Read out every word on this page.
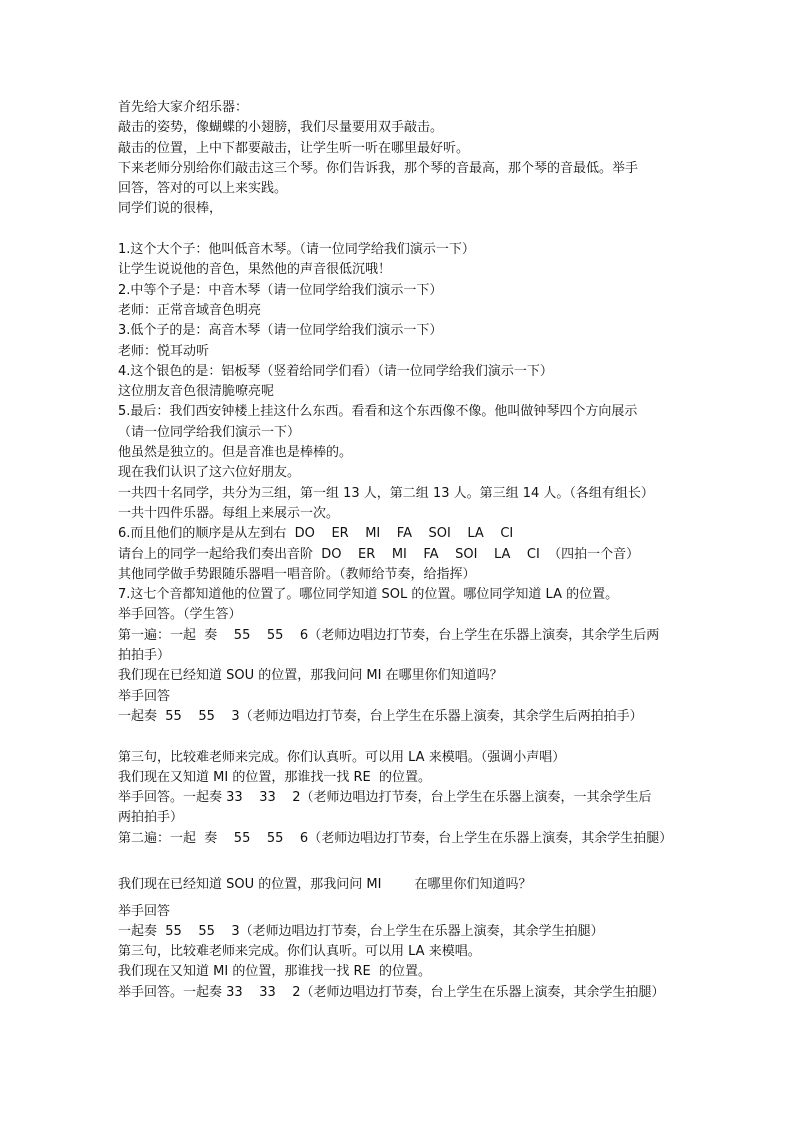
首先给大家介绍乐器：

敲击的姿势，像蝴蝶的小翅膀，我们尽量要用双手敲击。

敲击的位置，上中下都要敲击，让学生听一听在哪里最好听。

下来老师分别给你们敲击这三个琴。你们告诉我，那个琴的音最高，那个琴的音最低。举手

回答，答对的可以上来实践。

同学们说的很棒，

1.这个大个子：他叫低音木琴。（请一位同学给我们演示一下）

让学生说说他的音色，果然他的声音很低沉哦！

2.中等个子是：中音木琴（请一位同学给我们演示一下）

老师：正常音域音色明亮

3.低个子的是：高音木琴（请一位同学给我们演示一下）

老师：悦耳动听

4.这个银色的是：铝板琴（竖着给同学们看）（请一位同学给我们演示一下）

这位朋友音色很清脆嘹亮呢

5.最后：我们西安钟楼上挂这什么东西。看看和这个东西像不像。他叫做钟琴四个方向展示

（请一位同学给我们演示一下）

他虽然是独立的。但是音准也是棒棒的。

现在我们认识了这六位好朋友。

一共四十名同学，共分为三组，第一组 13 人，第二组 13 人。第三组 14 人。（各组有组长）

一共十四件乐器。每组上来展示一次。

6.而且他们的顺序是从左到右  DO    ER    MI    FA    SOI    LA    CI

请台上的同学一起给我们奏出音阶  DO    ER    MI    FA    SOI    LA    CI  （四拍一个音）

其他同学做手势跟随乐器唱一唱音阶。（教师给节奏，给指挥）

7.这七个音都知道他的位置了。哪位同学知道 SOL 的位置。哪位同学知道 LA 的位置。

举手回答。（学生答）

第一遍：一起  奏    55    55    6（老师边唱边打节奏，台上学生在乐器上演奏，其余学生后两

拍拍手）

我们现在已经知道 SOU 的位置，那我问问 MI 在哪里你们知道吗？

举手回答

一起奏  55    55    3（老师边唱边打节奏，台上学生在乐器上演奏，其余学生后两拍拍手）

第三句，比较难老师来完成。你们认真听。可以用 LA 来模唱。（强调小声唱）

我们现在又知道 MI 的位置，那谁找一找 RE  的位置。

举手回答。一起奏 33    33    2（老师边唱边打节奏，台上学生在乐器上演奏，一其余学生后

两拍拍手）

第二遍：一起  奏    55    55    6（老师边唱边打节奏，台上学生在乐器上演奏，其余学生拍腿）

我们现在已经知道 SOU 的位置，那我问问 MI        在哪里你们知道吗？

举手回答

一起奏  55    55    3（老师边唱边打节奏，台上学生在乐器上演奏，其余学生拍腿）

第三句，比较难老师来完成。你们认真听。可以用 LA 来模唱。

我们现在又知道 MI 的位置，那谁找一找 RE  的位置。

举手回答。一起奏 33    33    2（老师边唱边打节奏，台上学生在乐器上演奏，其余学生拍腿）
